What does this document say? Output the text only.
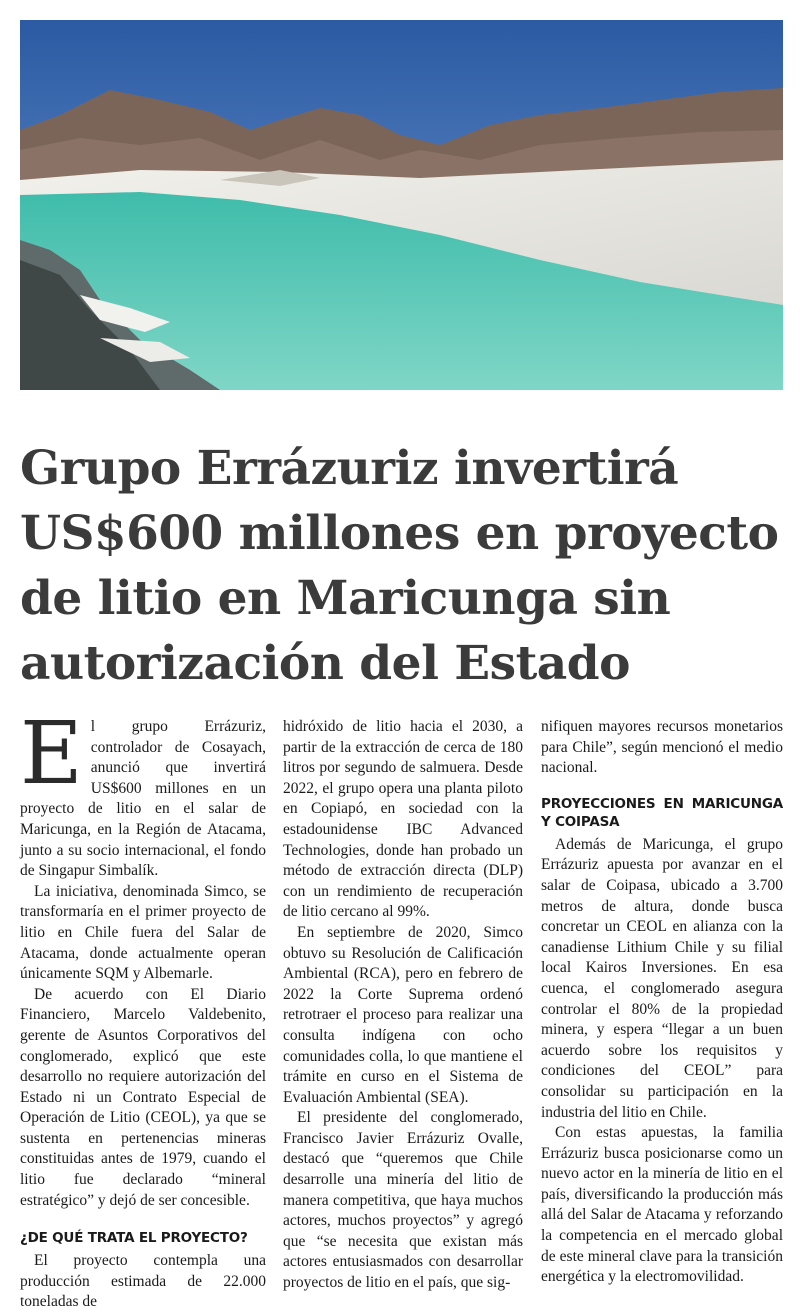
Grupo Errázuriz invertirá US$600 millones en proyecto de litio en Maricunga sin autorización del Estado
E l grupo Errázuriz, controlador de Cosayach, anunció que invertirá US$600 millones en un proyecto de litio en el salar de Maricunga, en la Región de Atacama, junto a su socio internacional, el fondo de Singapur Simbalík.

La iniciativa, denominada Simco, se transformaría en el primer proyecto de litio en Chile fuera del Salar de Atacama, donde actualmente operan únicamente SQM y Albemarle.

De acuerdo con El Diario Financiero, Marcelo Valdebenito, gerente de Asuntos Corporativos del conglomerado, explicó que este desarrollo no requiere autorización del Estado ni un Contrato Especial de Operación de Litio (CEOL), ya que se sustenta en pertenencias mineras constituidas antes de 1979, cuando el litio fue declarado “mineral estratégico” y dejó de ser concesible.

¿DE QUÉ TRATA EL PROYECTO?

El proyecto contempla una producción estimada de 22.000 toneladas de

hidróxido de litio hacia el 2030, a partir de la extracción de cerca de 180 litros por segundo de salmuera. Desde 2022, el grupo opera una planta piloto en Copiapó, en sociedad con la estadounidense IBC Advanced Technologies, donde han probado un método de extracción directa (DLP) con un rendimiento de recuperación de litio cercano al 99%.

En septiembre de 2020, Simco obtuvo su Resolución de Calificación Ambiental (RCA), pero en febrero de 2022 la Corte Suprema ordenó retrotraer el proceso para realizar una consulta indígena con ocho comunidades colla, lo que mantiene el trámite en curso en el Sistema de Evaluación Ambiental (SEA).

El presidente del conglomerado, Francisco Javier Errázuriz Ovalle, destacó que “queremos que Chile desarrolle una minería del litio de manera competitiva, que haya muchos actores, muchos proyectos” y agregó que “se necesita que existan más actores entusiasmados con desarrollar proyectos de litio en el país, que sig-

nifiquen mayores recursos monetarios para Chile”, según mencionó el medio nacional.

PROYECCIONES EN MARICUNGA Y COIPASA

Además de Maricunga, el grupo Errázuriz apuesta por avanzar en el salar de Coipasa, ubicado a 3.700 metros de altura, donde busca concretar un CEOL en alianza con la canadiense Lithium Chile y su filial local Kairos Inversiones. En esa cuenca, el conglomerado asegura controlar el 80% de la propiedad minera, y espera “llegar a un buen acuerdo sobre los requisitos y condiciones del CEOL” para consolidar su participación en la industria del litio en Chile.

Con estas apuestas, la familia Errázuriz busca posicionarse como un nuevo actor en la minería de litio en el país, diversificando la producción más allá del Salar de Atacama y reforzando la competencia en el mercado global de este mineral clave para la transición energética y la electromovilidad.
